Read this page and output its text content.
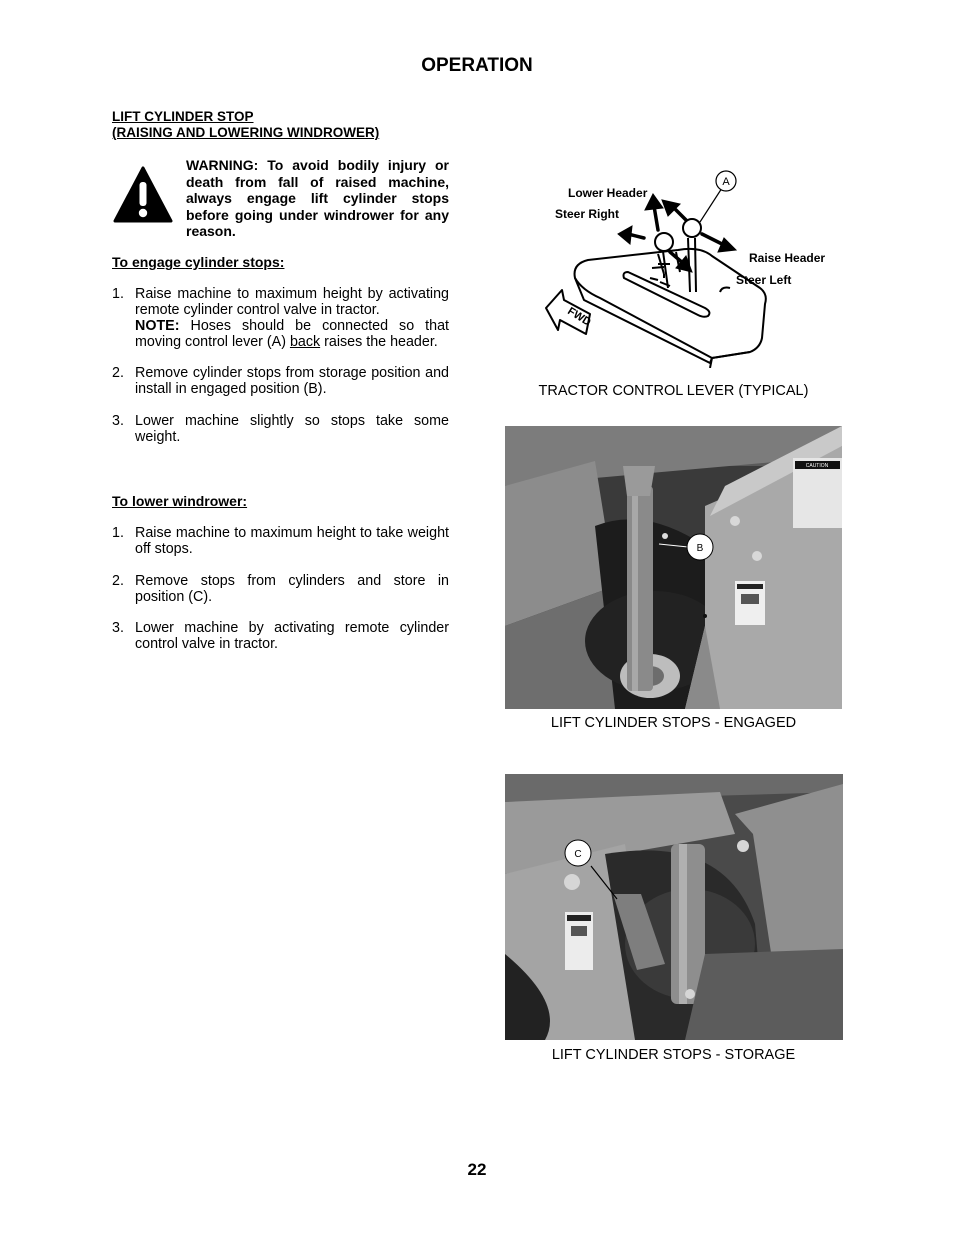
OPERATION
LIFT CYLINDER STOP
(RAISING AND LOWERING WINDROWER)
WARNING: To avoid bodily injury or death from fall of raised machine, always engage lift cylinder stops before going under windrower for any reason.
To engage cylinder stops:
1. Raise machine to maximum height by activating remote cylinder control valve in tractor.
NOTE: Hoses should be connected so that moving control lever (A) back raises the header.
2. Remove cylinder stops from storage position and install in engaged position (B).
3. Lower machine slightly so stops take some weight.
To lower windrower:
1. Raise machine to maximum height to take weight off stops.
2. Remove stops from cylinders and store in position (C).
3. Lower machine by activating remote cylinder control valve in tractor.
FWD
A
Lower Header
Steer Right
Raise Header
Steer Left
TRACTOR CONTROL LEVER (TYPICAL)
CAUTION
B
LIFT CYLINDER STOPS - ENGAGED
C
LIFT CYLINDER STOPS - STORAGE
22
